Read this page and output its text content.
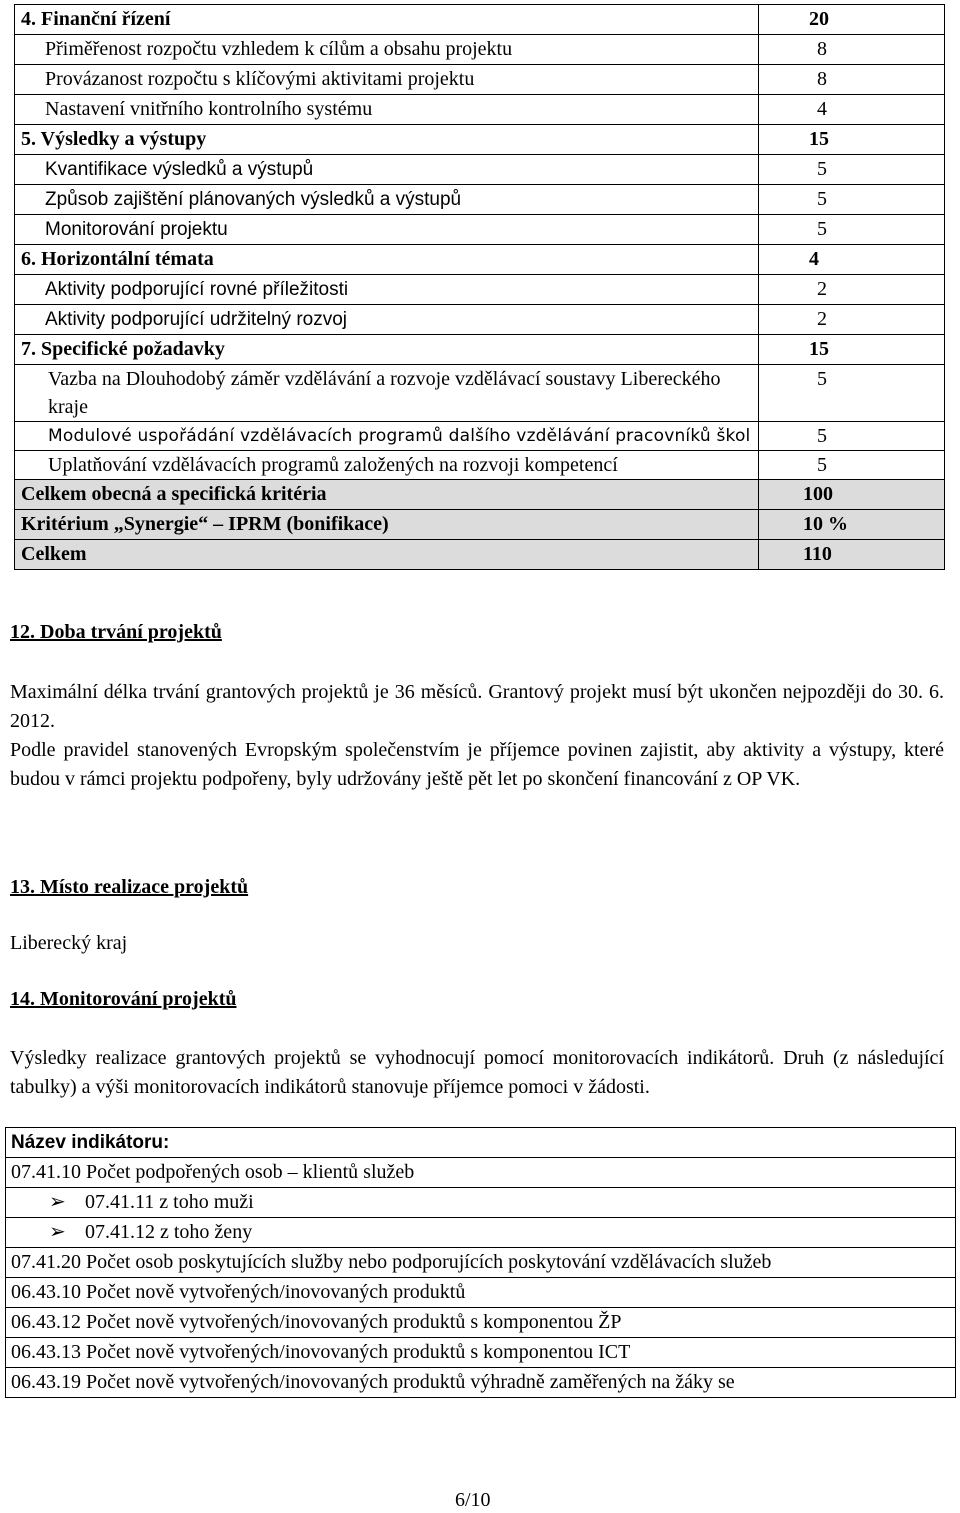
4. Finanční řízení	20
Přiměřenost rozpočtu vzhledem k cílům a obsahu projektu	8
Provázanost rozpočtu s klíčovými aktivitami projektu	8
Nastavení vnitřního kontrolního systému	4
5. Výsledky a výstupy	15
Kvantifikace výsledků a výstupů	5
Způsob zajištění plánovaných výsledků a výstupů	5
Monitorování projektu	5
6. Horizontální témata	4
Aktivity podporující rovné příležitosti	2
Aktivity podporující udržitelný rozvoj	2
7. Specifické požadavky	15
Vazba na Dlouhodobý záměr vzdělávání a rozvoje vzdělávací soustavy Libereckého kraje	5
Modulové uspořádání vzdělávacích programů dalšího vzdělávání pracovníků škol	5
Uplatňování vzdělávacích programů založených na rozvoji kompetencí	5
Celkem obecná a specifická kritéria	100
Kritérium „Synergie“ – IPRM (bonifikace)	10 %
Celkem	110
12. Doba trvání projektů
Maximální délka trvání grantových projektů je 36 měsíců. Grantový projekt musí být ukončen nejpozději do 30. 6. 2012.
Podle pravidel stanovených Evropským společenstvím je příjemce povinen zajistit, aby aktivity a výstupy, které budou v rámci projektu podpořeny, byly udržovány ještě pět let po skončení financování z OP VK.
13. Místo realizace projektů
Liberecký kraj
14. Monitorování projektů
Výsledky realizace grantových projektů se vyhodnocují pomocí monitorovacích indikátorů. Druh (z následující tabulky) a výši monitorovacích indikátorů stanovuje příjemce pomoci v žádosti.
Název indikátoru:
07.41.10 Počet podpořených osob – klientů služeb
➢ 07.41.11 z toho muži
➢ 07.41.12 z toho ženy
07.41.20 Počet osob poskytujících služby nebo podporujících poskytování vzdělávacích služeb
06.43.10 Počet nově vytvořených/inovovaných produktů
06.43.12 Počet nově vytvořených/inovovaných produktů s komponentou ŽP
06.43.13 Počet nově vytvořených/inovovaných produktů s komponentou ICT
06.43.19 Počet nově vytvořených/inovovaných produktů výhradně zaměřených na žáky se
6/10
